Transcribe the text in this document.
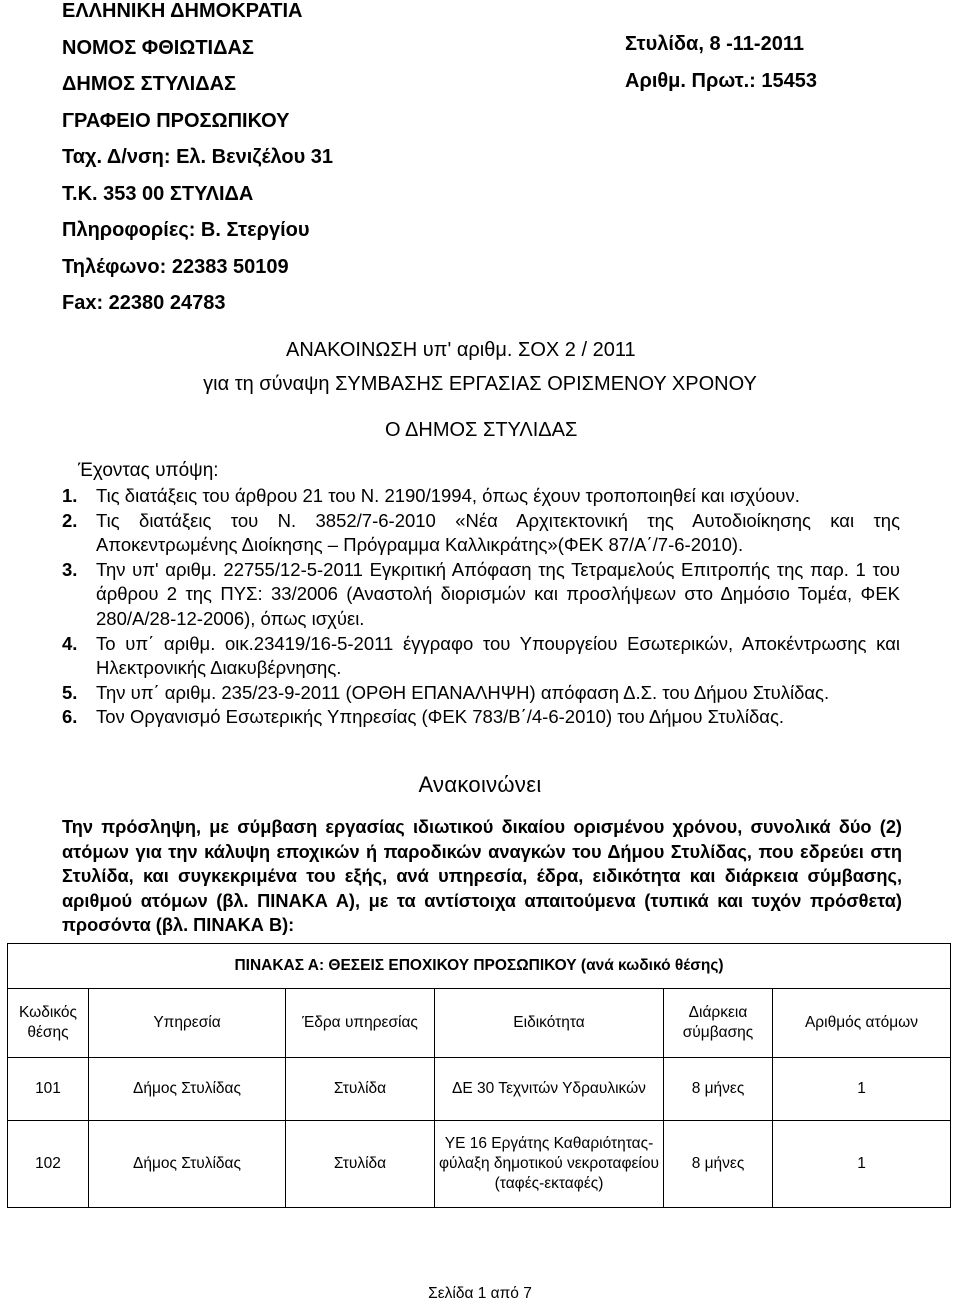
ΕΛΛΗΝΙΚΗ ΔΗΜΟΚΡΑΤΙΑ
ΝΟΜΟΣ ΦΘΙΩΤΙΔΑΣ
ΔΗΜΟΣ ΣΤΥΛΙΔΑΣ
ΓΡΑΦΕΙΟ ΠΡΟΣΩΠΙΚΟΥ
Ταχ. Δ/νση: Ελ. Βενιζέλου 31
Τ.Κ. 353 00 ΣΤΥΛΙΔΑ
Πληροφορίες: Β. Στεργίου
Τηλέφωνο: 22383 50109
Fax: 22380 24783
Στυλίδα, 8 -11-2011
Αριθμ. Πρωτ.: 15453
ΑΝΑΚΟΙΝΩΣΗ υπ' αριθμ. ΣΟΧ 2 / 2011
για τη σύναψη ΣΥΜΒΑΣΗΣ ΕΡΓΑΣΙΑΣ ΟΡΙΣΜΕΝΟΥ ΧΡΟΝΟΥ
Ο ΔΗΜΟΣ ΣΤΥΛΙΔΑΣ
Έχοντας υπόψη:
1. Τις διατάξεις του άρθρου 21 του Ν. 2190/1994, όπως έχουν τροποποιηθεί και ισχύουν.
2. Τις διατάξεις του Ν. 3852/7-6-2010 «Νέα Αρχιτεκτονική της Αυτοδιοίκησης και της Αποκεντρωμένης Διοίκησης – Πρόγραμμα Καλλικράτης»(ΦΕΚ 87/Α΄/7-6-2010).
3. Την υπ' αριθμ. 22755/12-5-2011 Εγκριτική Απόφαση της Τετραμελούς Επιτροπής της παρ. 1 του άρθρου 2 της ΠΥΣ: 33/2006 (Αναστολή διορισμών και προσλήψεων στο Δημόσιο Τομέα, ΦΕΚ 280/Α/28-12-2006), όπως ισχύει.
4. Το υπ΄ αριθμ. οικ.23419/16-5-2011 έγγραφο του Υπουργείου Εσωτερικών, Αποκέντρωσης και Ηλεκτρονικής Διακυβέρνησης.
5. Την υπ΄ αριθμ. 235/23-9-2011 (ΟΡΘΗ ΕΠΑΝΑΛΗΨΗ) απόφαση Δ.Σ. του Δήμου Στυλίδας.
6. Τον Οργανισμό Εσωτερικής Υπηρεσίας (ΦΕΚ 783/Β΄/4-6-2010) του Δήμου Στυλίδας.
Ανακοινώνει
Την πρόσληψη, με σύμβαση εργασίας ιδιωτικού δικαίου ορισμένου χρόνου, συνολικά δύο (2) ατόμων για την κάλυψη εποχικών ή παροδικών αναγκών του Δήμου Στυλίδας, που εδρεύει στη Στυλίδα, και συγκεκριμένα του εξής, ανά υπηρεσία, έδρα, ειδικότητα και διάρκεια σύμβασης, αριθμού ατόμων (βλ. ΠΙΝΑΚΑ Α), με τα αντίστοιχα απαιτούμενα (τυπικά και τυχόν πρόσθετα) προσόντα (βλ. ΠΙΝΑΚΑ Β):
ΠΙΝΑΚΑΣ Α: ΘΕΣΕΙΣ ΕΠΟΧΙΚΟΥ ΠΡΟΣΩΠΙΚΟΥ (ανά κωδικό θέσης)					
Κωδικός θέσης	Υπηρεσία	Έδρα υπηρεσίας	Ειδικότητα	Διάρκεια σύμβασης	Αριθμός ατόμων
101	Δήμος Στυλίδας	Στυλίδα	ΔΕ 30 Τεχνιτών Υδραυλικών	8 μήνες	1
102	Δήμος Στυλίδας	Στυλίδα	ΥΕ 16 Εργάτης Καθαριότητας-φύλαξη δημοτικού νεκροταφείου (ταφές-εκταφές)	8 μήνες	1
Σελίδα 1 από 7
